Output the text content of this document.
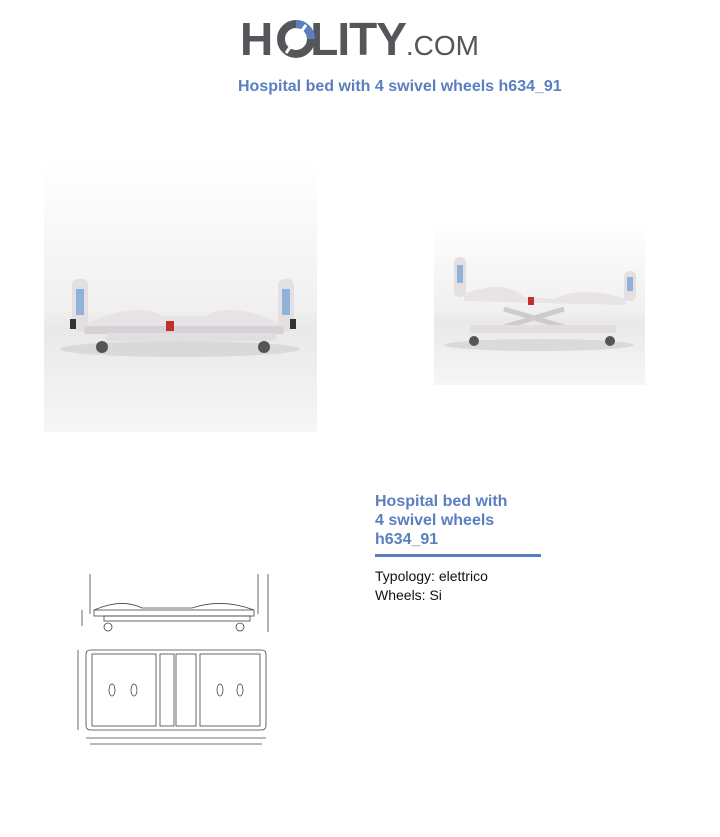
H LITY.COM
Hospital bed with 4 swivel wheels h634_91

Hospital bed with
4 swivel wheels
h634_91

Typology: elettrico
Wheels: Si
